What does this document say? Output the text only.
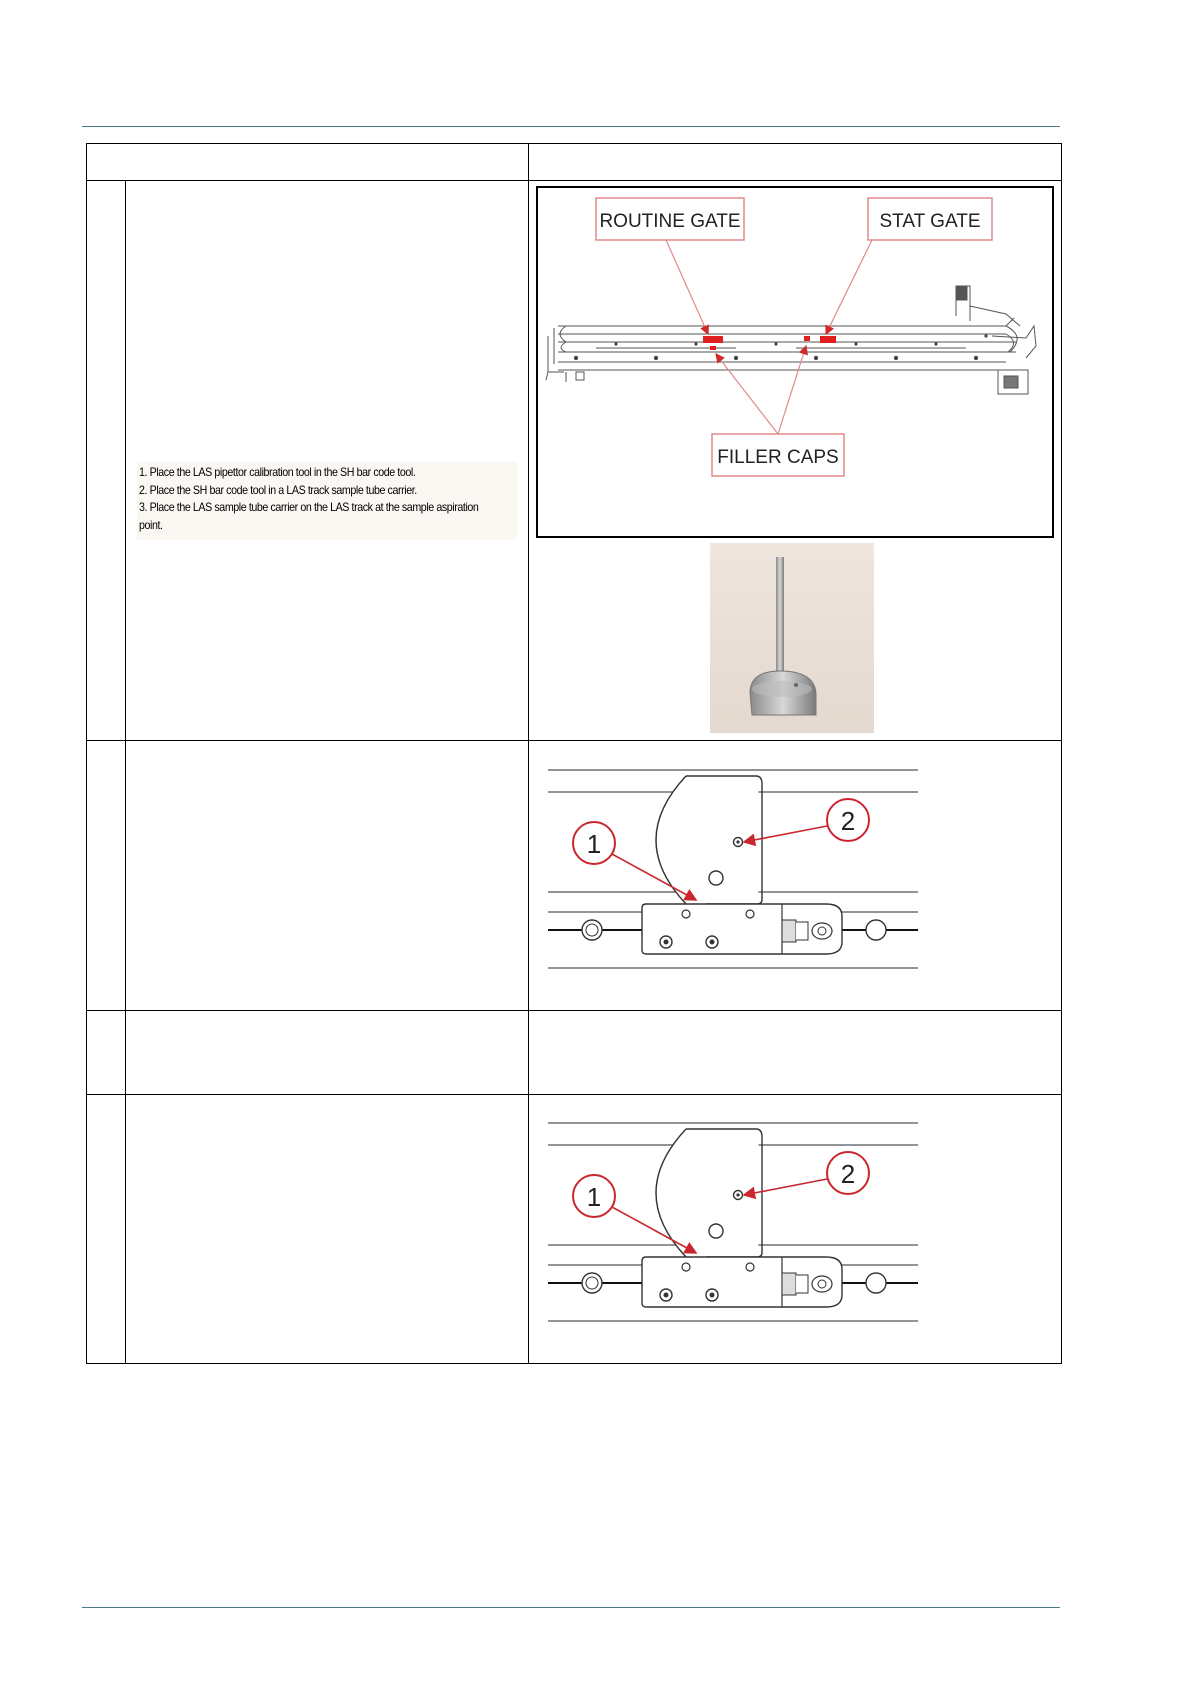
1. Place the LAS pipettor calibration tool in the SH bar code tool.

2. Place the SH bar code tool in a LAS track sample tube carrier.

3. Place the LAS sample tube carrier on the LAS track at the sample aspiration

point.

ROUTINE GATE	STAT GATE
FILLER CAPS
1
2
1
2
